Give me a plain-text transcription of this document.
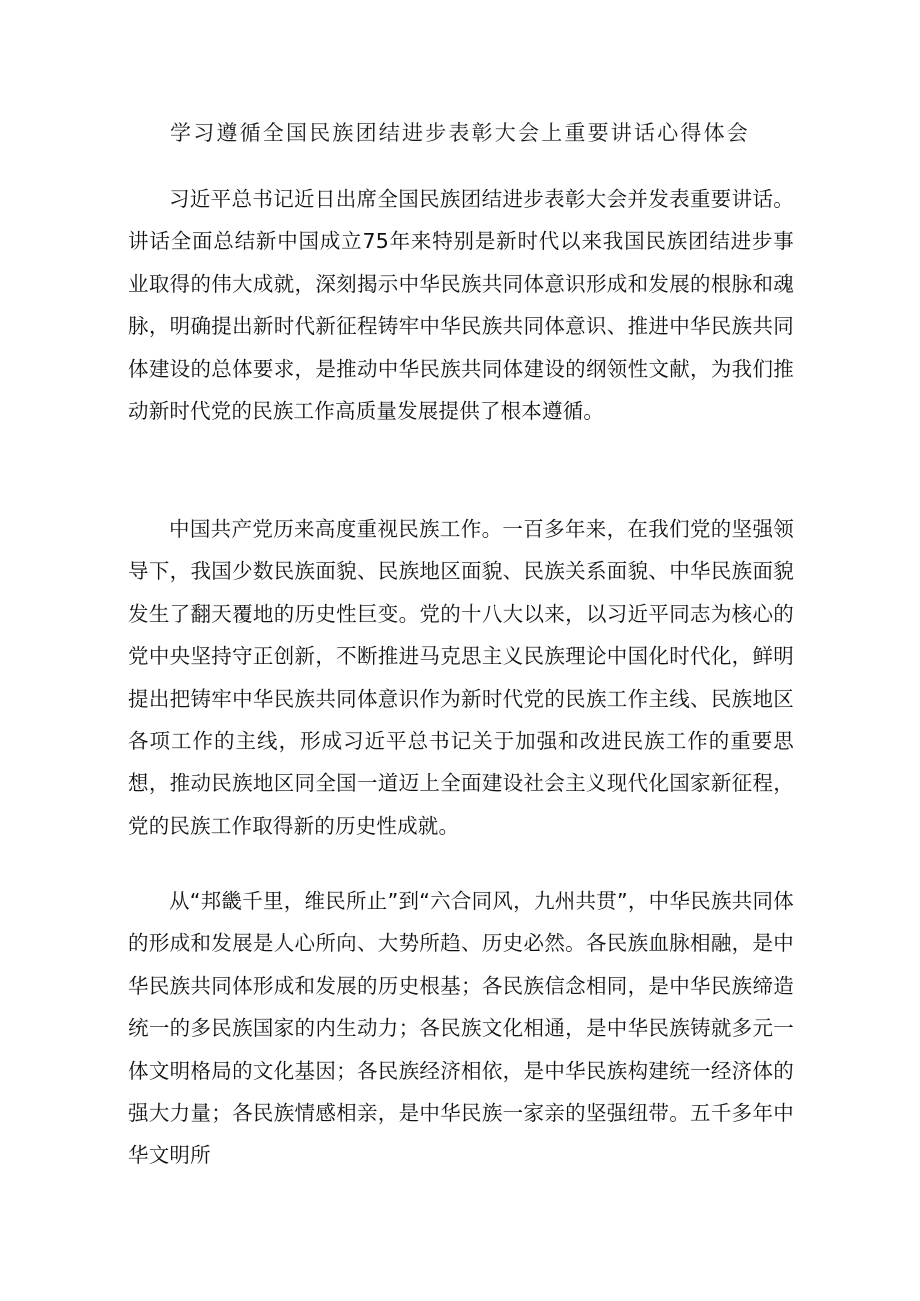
学习遵循全国民族团结进步表彰大会上重要讲话心得体会

习近平总书记近日出席全国民族团结进步表彰大会并发表重要讲话。讲话全面总结新中国成立75年来特别是新时代以来我国民族团结进步事业取得的伟大成就，深刻揭示中华民族共同体意识形成和发展的根脉和魂脉，明确提出新时代新征程铸牢中华民族共同体意识、推进中华民族共同体建设的总体要求，是推动中华民族共同体建设的纲领性文献，为我们推动新时代党的民族工作高质量发展提供了根本遵循。

中国共产党历来高度重视民族工作。一百多年来，在我们党的坚强领导下，我国少数民族面貌、民族地区面貌、民族关系面貌、中华民族面貌发生了翻天覆地的历史性巨变。党的十八大以来，以习近平同志为核心的党中央坚持守正创新，不断推进马克思主义民族理论中国化时代化，鲜明提出把铸牢中华民族共同体意识作为新时代党的民族工作主线、民族地区各项工作的主线，形成习近平总书记关于加强和改进民族工作的重要思想，推动民族地区同全国一道迈上全面建设社会主义现代化国家新征程，党的民族工作取得新的历史性成就。

从“邦畿千里，维民所止”到“六合同风，九州共贯”，中华民族共同体的形成和发展是人心所向、大势所趋、历史必然。各民族血脉相融，是中华民族共同体形成和发展的历史根基；各民族信念相同，是中华民族缔造统一的多民族国家的内生动力；各民族文化相通，是中华民族铸就多元一体文明格局的文化基因；各民族经济相依，是中华民族构建统一经济体的强大力量；各民族情感相亲，是中华民族一家亲的坚强纽带。五千多年中华文明所
